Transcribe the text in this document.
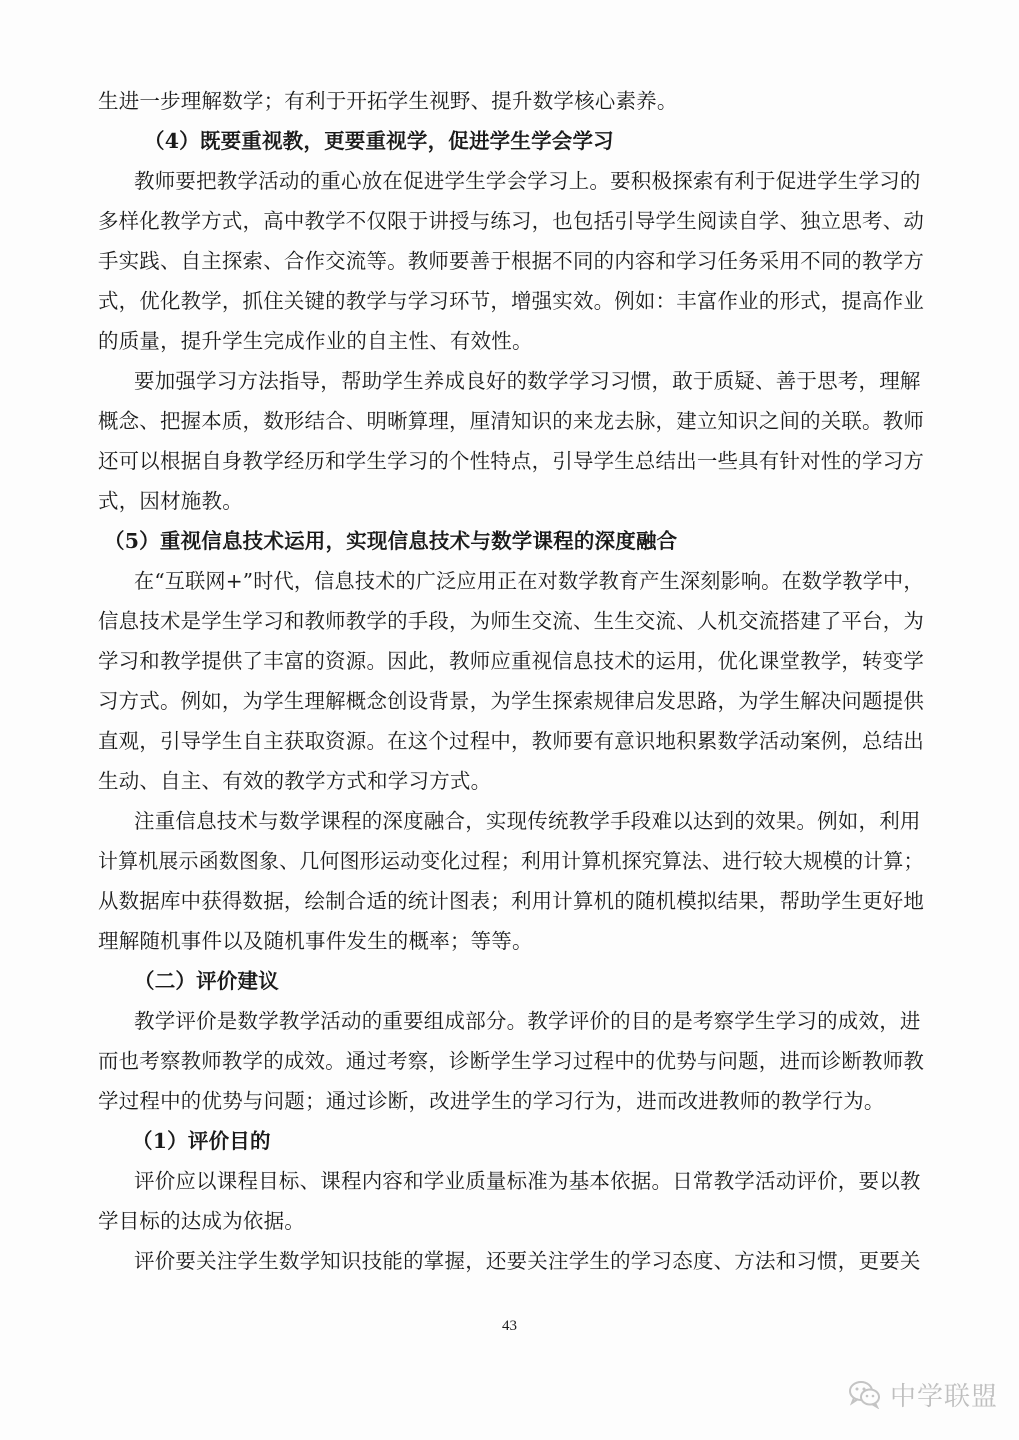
生进一步理解数学；有利于开拓学生视野、提升数学核心素养。
（4）既要重视教，更要重视学，促进学生学会学习
教师要把教学活动的重心放在促进学生学会学习上。要积极探索有利于促进学生学习的
多样化教学方式，高中教学不仅限于讲授与练习，也包括引导学生阅读自学、独立思考、动
手实践、自主探索、合作交流等。教师要善于根据不同的内容和学习任务采用不同的教学方
式，优化教学，抓住关键的教学与学习环节，增强实效。例如：丰富作业的形式，提高作业
的质量，提升学生完成作业的自主性、有效性。
要加强学习方法指导，帮助学生养成良好的数学学习习惯，敢于质疑、善于思考，理解
概念、把握本质，数形结合、明晰算理，厘清知识的来龙去脉，建立知识之间的关联。教师
还可以根据自身教学经历和学生学习的个性特点，引导学生总结出一些具有针对性的学习方
式，因材施教。
（5）重视信息技术运用，实现信息技术与数学课程的深度融合
在“互联网+”时代，信息技术的广泛应用正在对数学教育产生深刻影响。在数学教学中，
信息技术是学生学习和教师教学的手段，为师生交流、生生交流、人机交流搭建了平台，为
学习和教学提供了丰富的资源。因此，教师应重视信息技术的运用，优化课堂教学，转变学
习方式。例如，为学生理解概念创设背景，为学生探索规律启发思路，为学生解决问题提供
直观，引导学生自主获取资源。在这个过程中，教师要有意识地积累数学活动案例，总结出
生动、自主、有效的教学方式和学习方式。
注重信息技术与数学课程的深度融合，实现传统教学手段难以达到的效果。例如，利用
计算机展示函数图象、几何图形运动变化过程；利用计算机探究算法、进行较大规模的计算；
从数据库中获得数据，绘制合适的统计图表；利用计算机的随机模拟结果，帮助学生更好地
理解随机事件以及随机事件发生的概率；等等。
（二）评价建议
教学评价是数学教学活动的重要组成部分。教学评价的目的是考察学生学习的成效，进
而也考察教师教学的成效。通过考察，诊断学生学习过程中的优势与问题，进而诊断教师教
学过程中的优势与问题；通过诊断，改进学生的学习行为，进而改进教师的教学行为。
（1）评价目的
评价应以课程目标、课程内容和学业质量标准为基本依据。日常教学活动评价，要以教
学目标的达成为依据。
评价要关注学生数学知识技能的掌握，还要关注学生的学习态度、方法和习惯，更要关
43
中学联盟
